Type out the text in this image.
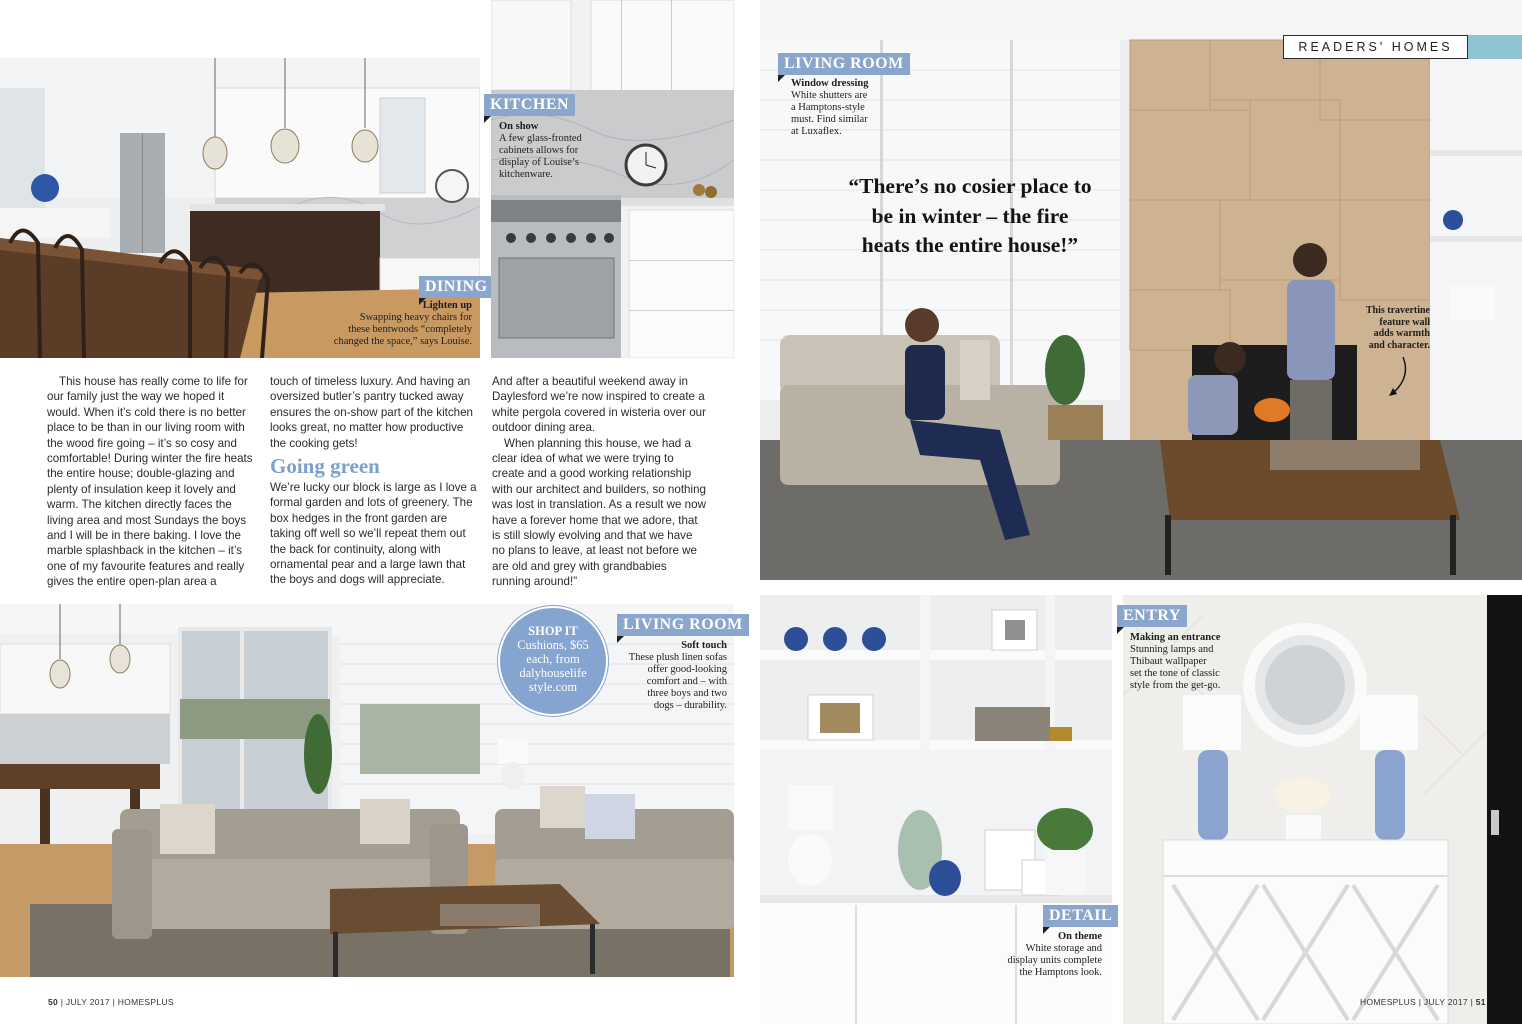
DINING
Lighten up
Swapping heavy chairs for
these bentwoods “completely
changed the space,” says Louise.
KITCHEN
On show
A few glass-fronted
cabinets allows for
display of Louise’s
kitchenware.

This house has really come to life for our family just the way we hoped it would. When it’s cold there is no better place to be than in our living room with the wood fire going – it’s so cosy and comfortable! During winter the fire heats the entire house; double-glazing and plenty of insulation keep it lovely and warm. The kitchen directly faces the living area and most Sundays the boys and I will be in there baking. I love the marble splashback in the kitchen – it’s one of my favourite features and really gives the entire open-plan area a

touch of timeless luxury. And having an oversized butler’s pantry tucked away ensures the on-show part of the kitchen looks great, no matter how productive the cooking gets!

Going green

We’re lucky our block is large as I love a formal garden and lots of greenery. The box hedges in the front garden are taking off well so we’ll repeat them out the back for continuity, along with ornamental pear and a large lawn that the boys and dogs will appreciate.

And after a beautiful weekend away in Daylesford we’re now inspired to create a white pergola covered in wisteria over our outdoor dining area.

When planning this house, we had a clear idea of what we were trying to create and a good working relationship with our architect and builders, so nothing was lost in translation. As a result we now have a forever home that we adore, that is still slowly evolving and that we have no plans to leave, at least not before we are old and grey with grandbabies running around!”

SHOP IT
Cushions, $65
each, from
dalyhouselife
style.com
LIVING ROOM
Soft touch
These plush linen sofas
offer good-looking
comfort and – with
three boys and two
dogs – durability.
READERS' HOMES
LIVING ROOM
Window dressing
White shutters are
a Hamptons-style
must. Find similar
at Luxaflex.
“There’s no cosier place to be in winter – the fire heats the entire house!”
This travertine
feature wall
adds warmth
and character.
DETAIL
On theme
White storage and
display units complete
the Hamptons look.
ENTRY
Making an entrance
Stunning lamps and
Thibaut wallpaper
set the tone of classic
style from the get-go.
50 | JULY 2017 | HOMESPLUS	HOMESPLUS | JULY 2017 | 51
